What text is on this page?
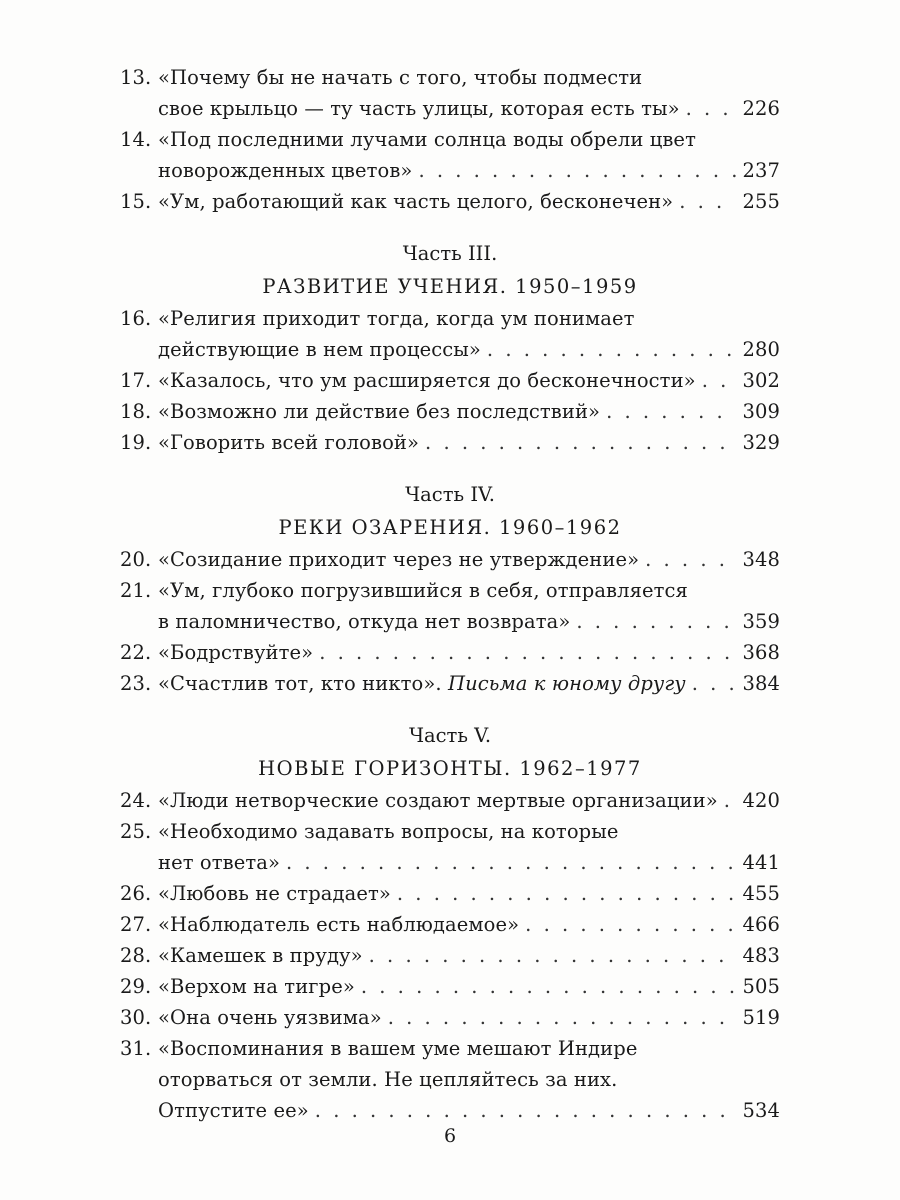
13. «Почему бы не начать с того, чтобы подмести
свое крыльцо — ту часть улицы, которая есть ты» . . .	226
14. «Под последними лучами солнца воды обрели цвет
новорожденных цветов» . . .	237
15. «Ум, работающий как часть целого, бесконечен» . . .	255
Часть III.
РАЗВИТИЕ УЧЕНИЯ. 1950–1959
16. «Религия приходит тогда, когда ум понимает
действующие в нем процессы» . . .	280
17. «Казалось, что ум расширяется до бесконечности» . . . 302
18. «Возможно ли действие без последствий» . . .	309
19. «Говорить всей головой» . . .	329
Часть IV.
РЕКИ ОЗАРЕНИЯ. 1960–1962
20. «Созидание приходит через не утверждение» . . .	348
21. «Ум, глубоко погрузившийся в себя, отправляется
в паломничество, откуда нет возврата» . . .	359
22. «Бодрствуйте» . . .	368
23. «Счастлив тот, кто никто». Письма к юному другу . . .	384
Часть V.
НОВЫЕ ГОРИЗОНТЫ. 1962–1977
24. «Люди нетворческие создают мертвые организации» . . . 420
25. «Необходимо задавать вопросы, на которые
нет ответа» . . .	441
26. «Любовь не страдает» . . .	455
27. «Наблюдатель есть наблюдаемое» . . .	466
28. «Камешек в пруду» . . .	483
29. «Верхом на тигре» . . .	505
30. «Она очень уязвима» . . .	519
31. «Воспоминания в вашем уме мешают Индире
оторваться от земли. Не цепляйтесь за них.
Отпустите ее» . . .	534
6
